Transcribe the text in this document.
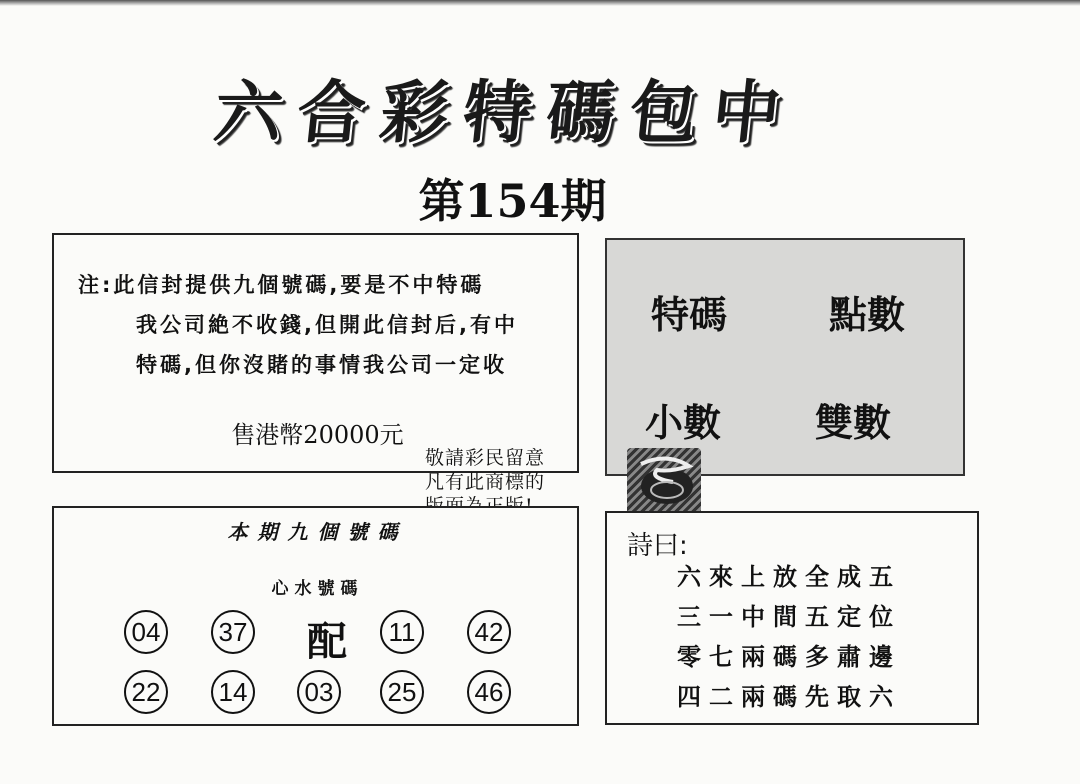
六 合 彩 特 碼 包 中
第154期
注:此信封提供九個號碼,要是不中特碼
我公司絶不收錢,但開此信封后,有中
特碼,但你沒賭的事情我公司一定收
售港幣20000元
特碼	點數
小數 雙數
敬請彩民留意
凡有此商標的
本期九個號碼
心水號碼
04 37 配	11	42
22 14 03 25 46
詩曰:
六來上放全成五
三一中間五定位
零七兩碼多肅邊
四二兩碼先取六
